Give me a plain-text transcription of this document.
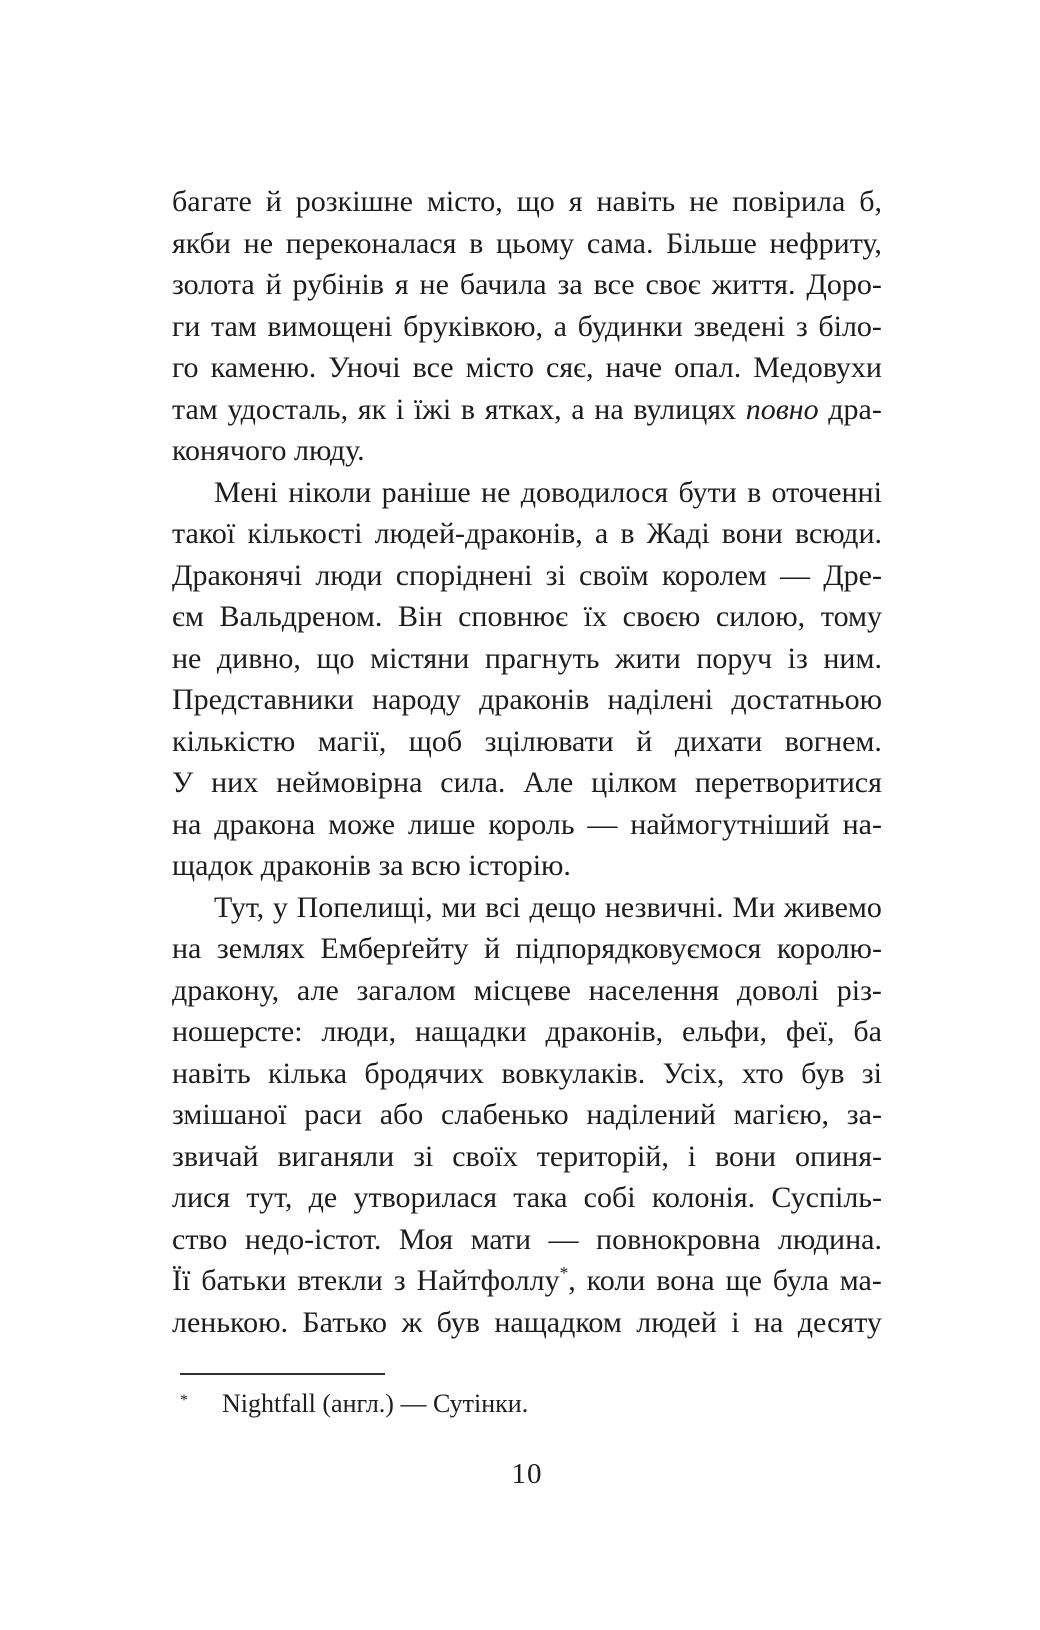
багате й розкішне місто, що я навіть не повірила б,
якби не переконалася в цьому сама. Більше нефриту,
золота й рубінів я не бачила за все своє життя. Доро-
ги там вимощені бруківкою, а будинки зведені з біло-
го каменю. Уночі все місто сяє, наче опал. Медовухи
там удосталь, як і їжі в ятках, а на вулицях повно дра-
конячого люду.
Мені ніколи раніше не доводилося бути в оточенні
такої кількості людей-драконів, а в Жаді вони всюди.
Драконячі люди споріднені зі своїм королем — Дре-
єм Вальдреном. Він сповнює їх своєю силою, тому
не дивно, що містяни прагнуть жити поруч із ним.
Представники народу драконів наділені достатньою
кількістю магії, щоб зцілювати й дихати вогнем.
У них неймовірна сила. Але цілком перетворитися
на дракона може лише король — наймогутніший на-
щадок драконів за всю історію.
Тут, у Попелищі, ми всі дещо незвичні. Ми живемо
на землях Емберґейту й підпорядковуємося королю-
дракону, але загалом місцеве населення доволі різ-
ношерсте: люди, нащадки драконів, ельфи, феї, ба
навіть кілька бродячих вовкулаків. Усіх, хто був зі
змішаної раси або слабенько наділений магією, за-
звичай виганяли зі своїх територій, і вони опиня-
лися тут, де утворилася така собі колонія. Суспіль-
ство недо-істот. Моя мати — повнокровна людина.
Її батьки втекли з Найтфоллу*, коли вона ще була ма-
ленькою. Батько ж був нащадком людей і на десяту
* Nightfall (англ.) — Сутінки.
10
